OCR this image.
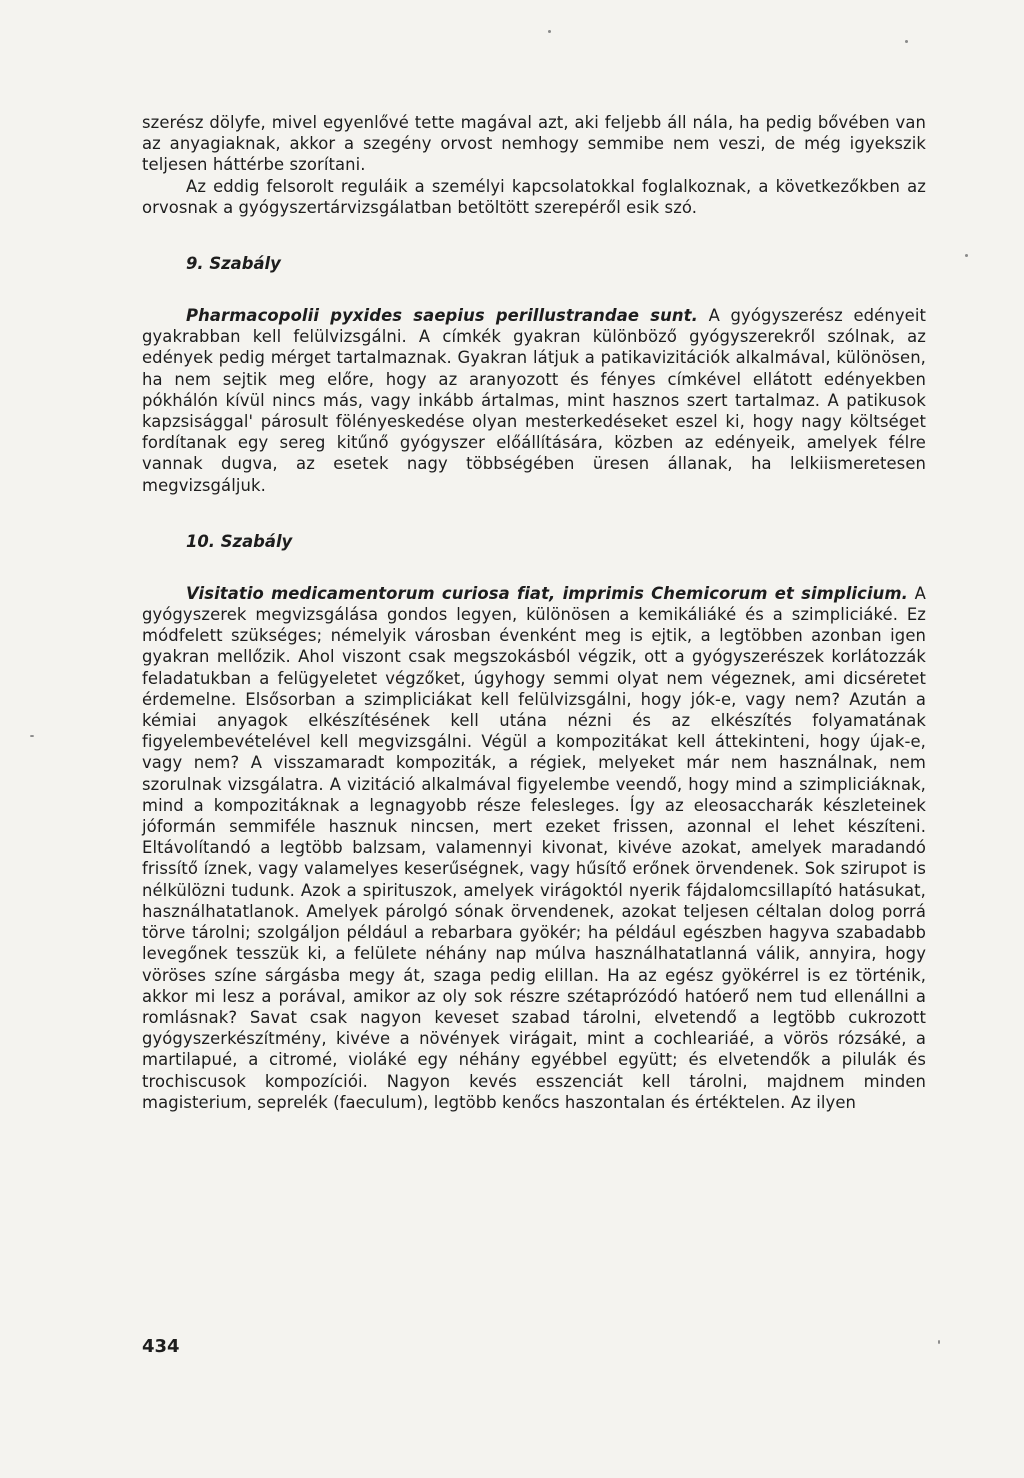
szerész dölyfe, mivel egyenlővé tette magával azt, aki feljebb áll nála, ha pedig bővében van az anyagiaknak, akkor a szegény orvost nemhogy semmibe nem veszi, de még igyekszik teljesen háttérbe szorítani.

Az eddig felsorolt reguláik a személyi kapcsolatokkal foglalkoznak, a következőkben az orvosnak a gyógyszertárvizsgálatban betöltött szerepéről esik szó.

9. Szabály

Pharmacopolii pyxides saepius perillustrandae sunt. A gyógyszerész edényeit gyakrabban kell felülvizsgálni. A címkék gyakran különböző gyógyszerekről szólnak, az edények pedig mérget tartalmaznak. Gyakran látjuk a patikavizitációk alkalmával, különösen, ha nem sejtik meg előre, hogy az aranyozott és fényes címkével ellátott edényekben pókhálón kívül nincs más, vagy inkább ártalmas, mint hasznos szert tartalmaz. A patikusok kapzsisággal' párosult fölényeskedése olyan mesterkedéseket eszel ki, hogy nagy költséget fordítanak egy sereg kitűnő gyógyszer előállítására, közben az edényeik, amelyek félre vannak dugva, az esetek nagy többségében üresen állanak, ha lelkiismeretesen megvizsgáljuk.

10. Szabály

Visitatio medicamentorum curiosa fiat, imprimis Chemicorum et simplicium. A gyógyszerek megvizsgálása gondos legyen, különösen a kemikáliáké és a szimpliciáké. Ez módfelett szükséges; némelyik városban évenként meg is ejtik, a legtöbben azonban igen gyakran mellőzik. Ahol viszont csak megszokásból végzik, ott a gyógyszerészek korlátozzák feladatukban a felügyeletet végzőket, úgyhogy semmi olyat nem végeznek, ami dicséretet érdemelne. Elsősorban a szimpliciákat kell felülvizsgálni, hogy jók-e, vagy nem? Azután a kémiai anyagok elkészítésének kell utána nézni és az elkészítés folyamatának figyelembevételével kell megvizsgálni. Végül a kompozitákat kell áttekinteni, hogy újak-e, vagy nem? A visszamaradt kompoziták, a régiek, melyeket már nem használnak, nem szorulnak vizsgálatra. A vizitáció alkalmával figyelembe veendő, hogy mind a szimpliciáknak, mind a kompozitáknak a legnagyobb része felesleges. Így az eleosaccharák készleteinek jóformán semmiféle hasznuk nincsen, mert ezeket frissen, azonnal el lehet készíteni. Eltávolítandó a legtöbb balzsam, valamennyi kivonat, kivéve azokat, amelyek maradandó frissítő íznek, vagy valamelyes keserűségnek, vagy hűsítő erőnek örvendenek. Sok szirupot is nélkülözni tudunk. Azok a spirituszok, amelyek virágoktól nyerik fájdalomcsillapító hatásukat, használhatatlanok. Amelyek párolgó sónak örvendenek, azokat teljesen céltalan dolog porrá törve tárolni; szolgáljon például a rebarbara gyökér; ha például egészben hagyva szabadabb levegőnek tesszük ki, a felülete néhány nap múlva használhatatlanná válik, annyira, hogy vöröses színe sárgásba megy át, szaga pedig elillan. Ha az egész gyökérrel is ez történik, akkor mi lesz a porával, amikor az oly sok részre szétaprózódó hatóerő nem tud ellenállni a romlásnak? Savat csak nagyon keveset szabad tárolni, elvetendő a legtöbb cukrozott gyógyszerkészítmény, kivéve a növények virágait, mint a cochleariáé, a vörös rózsáké, a martilapué, a citromé, violáké egy néhány egyébbel együtt; és elvetendők a pilulák és trochiscusok kompozíciói. Nagyon kevés esszenciát kell tárolni, majdnem minden magisterium, seprelék (faeculum), legtöbb kenőcs haszontalan és értéktelen. Az ilyen

434
